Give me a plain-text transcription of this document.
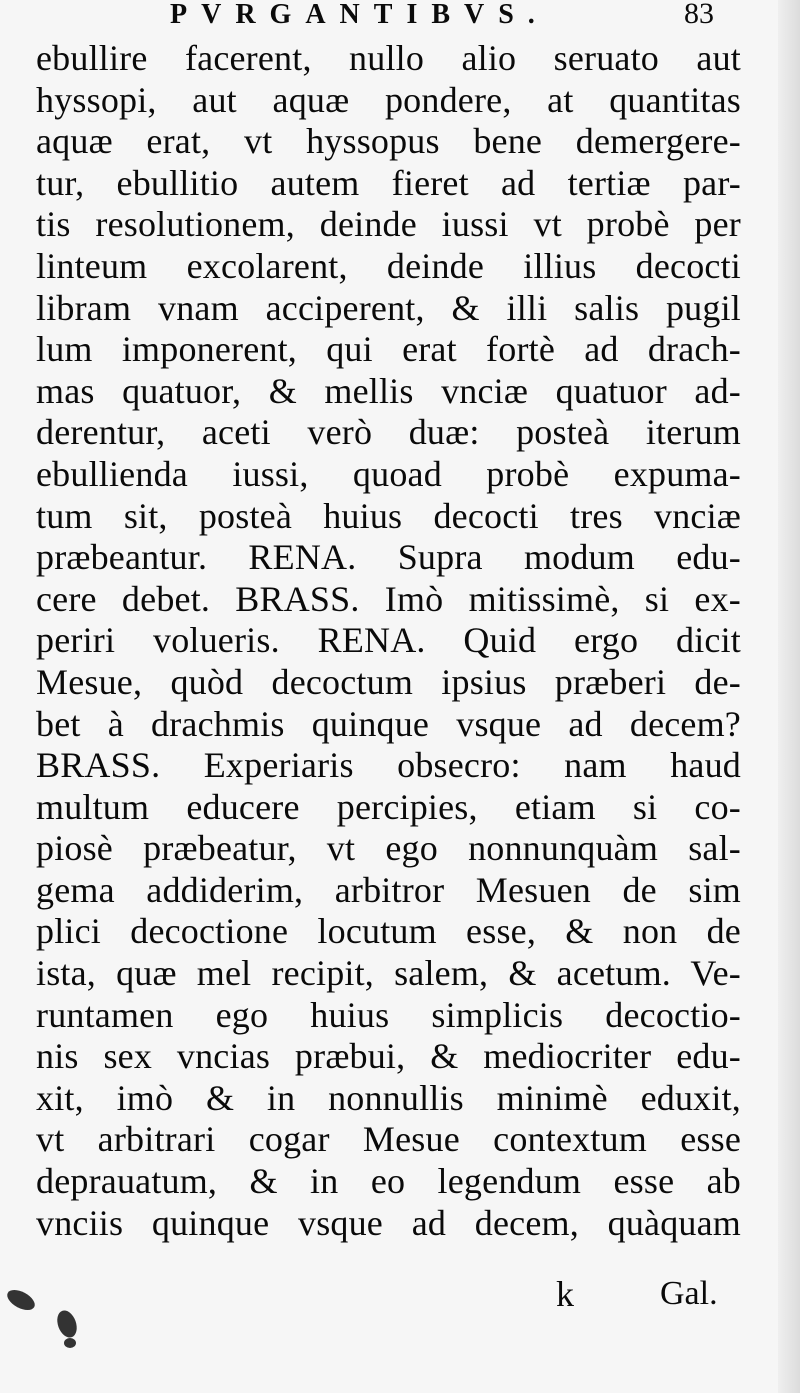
PVRGANTIBVS.	83
ebullire facerent, nullo alio seruato aut
hyssopi, aut aquæ pondere, at quantitas
aquæ erat, vt hyssopus bene demergere-
tur, ebullitio autem fieret ad tertiæ par-
tis resolutionem, deinde iussi vt probè per
linteum excolarent, deinde illius decocti
libram vnam acciperent, & illi salis pugil
lum imponerent, qui erat fortè ad drach-
mas quatuor, & mellis vnciæ quatuor ad-
derentur, aceti verò duæ: posteà iterum
ebullienda iussi, quoad probè expuma-
tum sit, posteà huius decocti tres vnciæ
præbeantur. RENA. Supra modum edu-
cere debet. BRASS. Imò mitissimè, si ex-
periri volueris. RENA. Quid ergo dicit
Mesue, quòd decoctum ipsius præberi de-
bet à drachmis quinque vsque ad decem?
BRASS. Experiaris obsecro: nam haud
multum educere percipies, etiam si co-
piosè præbeatur, vt ego nonnunquàm sal-
gema addiderim, arbitror Mesuen de sim
plici decoctione locutum esse, & non de
ista, quæ mel recipit, salem, & acetum. Ve-
runtamen ego huius simplicis decoctio-
nis sex vncias præbui, & mediocriter edu-
xit, imò & in nonnullis minimè eduxit,
vt arbitrari cogar Mesue contextum esse
deprauatum, & in eo legendum esse ab
vnciis quinque vsque ad decem, quàquam
k	Gal.
